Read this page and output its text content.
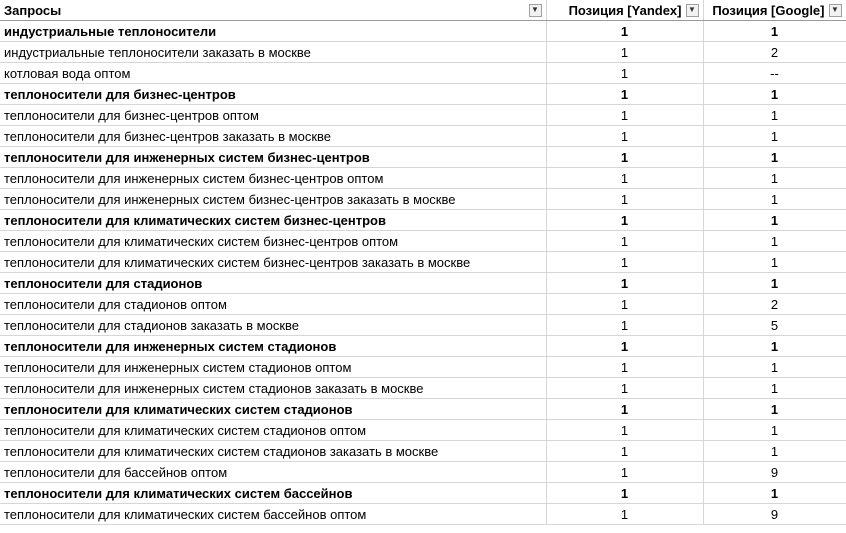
Запросы ▼	Позиция [Yandex] ▼	Позиция [Google] ▼

индустриальные теплоносители	1	1
индустриальные теплоносители заказать в москве	1	2
котловая вода оптом	1	--
теплоносители для бизнес-центров	1	1
теплоносители для бизнес-центров оптом	1	1
теплоносители для бизнес-центров заказать в москве	1	1
теплоносители для инженерных систем бизнес-центров	1	1
теплоносители для инженерных систем бизнес-центров оптом	1	1
теплоносители для инженерных систем бизнес-центров заказать в москве	1	1
теплоносители для климатических систем бизнес-центров	1	1
теплоносители для климатических систем бизнес-центров оптом	1	1
теплоносители для климатических систем бизнес-центров заказать в москве	1	1
теплоносители для стадионов	1	1
теплоносители для стадионов оптом	1	2
теплоносители для стадионов заказать в москве	1	5
теплоносители для инженерных систем стадионов	1	1
теплоносители для инженерных систем стадионов оптом	1	1
теплоносители для инженерных систем стадионов заказать в москве	1	1
теплоносители для климатических систем стадионов	1	1
теплоносители для климатических систем стадионов оптом	1	1
теплоносители для климатических систем стадионов заказать в москве	1	1
теплоносители для бассейнов оптом	1	9
теплоносители для климатических систем бассейнов	1	1
теплоносители для климатических систем бассейнов оптом	1	9
